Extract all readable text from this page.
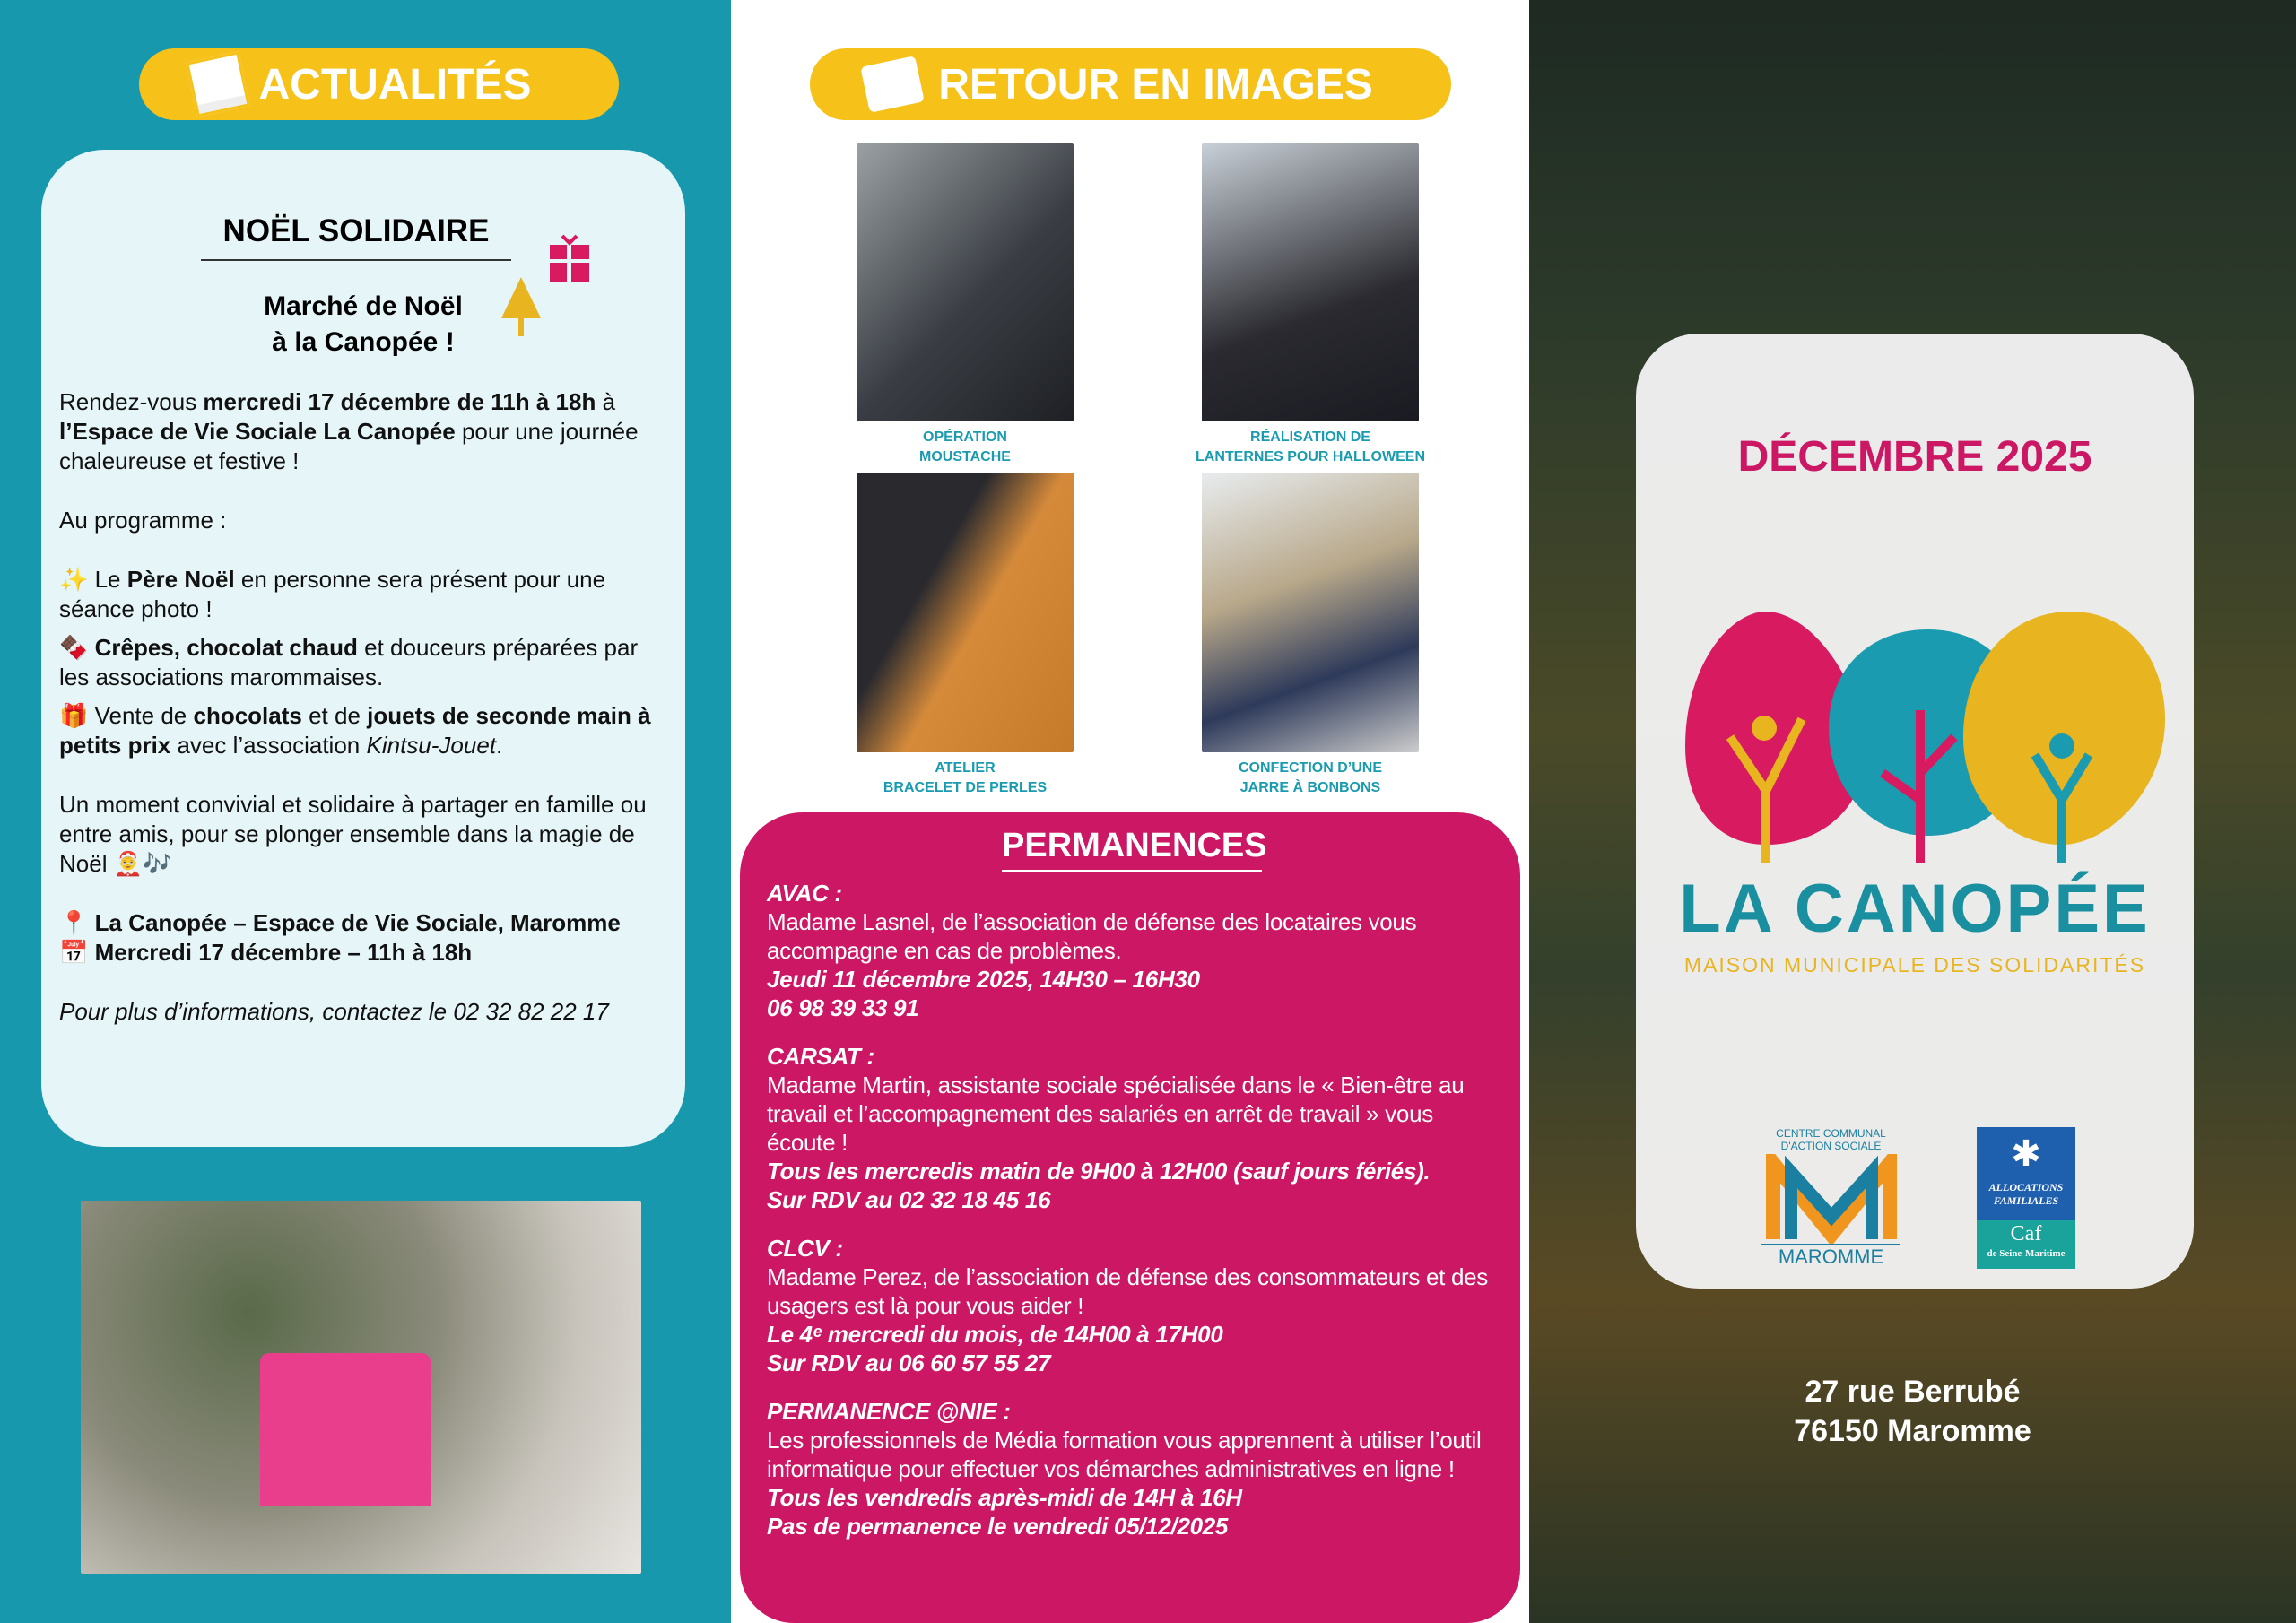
ACTUALITÉS
NOËL SOLIDAIRE
Marché de Noël
à la Canopée !

Rendez-vous mercredi 17 décembre de 11h à 18h à l’Espace de Vie Sociale La Canopée pour une journée chaleureuse et festive !

Au programme :

✨ Le Père Noël en personne sera présent pour une séance photo !

🍫 Crêpes, chocolat chaud et douceurs préparées par les associations marommaises.

🎁 Vente de chocolats et de jouets de seconde main à petits prix avec l’association Kintsu-Jouet.

Un moment convivial et solidaire à partager en famille ou entre amis, pour se plonger ensemble dans la magie de Noël 🤶🎶

📍 La Canopée – Espace de Vie Sociale, Maromme
📅 Mercredi 17 décembre – 11h à 18h
Pour plus d’informations, contactez le 02 32 82 22 17
RETOUR EN IMAGES
OPÉRATION
MOUSTACHE
RÉALISATION DE
LANTERNES POUR HALLOWEEN
ATELIER
BRACELET DE PERLES
CONFECTION D’UNE
JARRE À BONBONS
PERMANENCES
AVAC :
Madame Lasnel, de l’association de défense des locataires vous accompagne en cas de problèmes.
Jeudi 11 décembre 2025, 14H30 – 16H30
06 98 39 33 91
CARSAT :
Madame Martin, assistante sociale spécialisée dans le « Bien-être au travail et l’accompagnement des salariés en arrêt de travail » vous écoute !
Tous les mercredis matin de 9H00 à 12H00 (sauf jours fériés).
Sur RDV au 02 32 18 45 16
CLCV :
Madame Perez, de l’association de défense des consommateurs et des usagers est là pour vous aider !
Le 4ᵉ mercredi du mois, de 14H00 à 17H00
Sur RDV au 06 60 57 55 27
PERMANENCE @NIE :
Les professionnels de Média formation vous apprennent à utiliser l’outil informatique pour effectuer vos démarches administratives en ligne !
Tous les vendredis après-midi de 14H à 16H
Pas de permanence le vendredi 05/12/2025
DÉCEMBRE 2025
LA CANOPÉE
MAISON MUNICIPALE DES SOLIDARITÉS
CENTRE COMMUNAL
D'ACTION SOCIALE
MAROMME
✱
ALLOCATIONS
FAMILIALES
Caf
de Seine-Maritime
27 rue Berrubé
76150 Maromme
